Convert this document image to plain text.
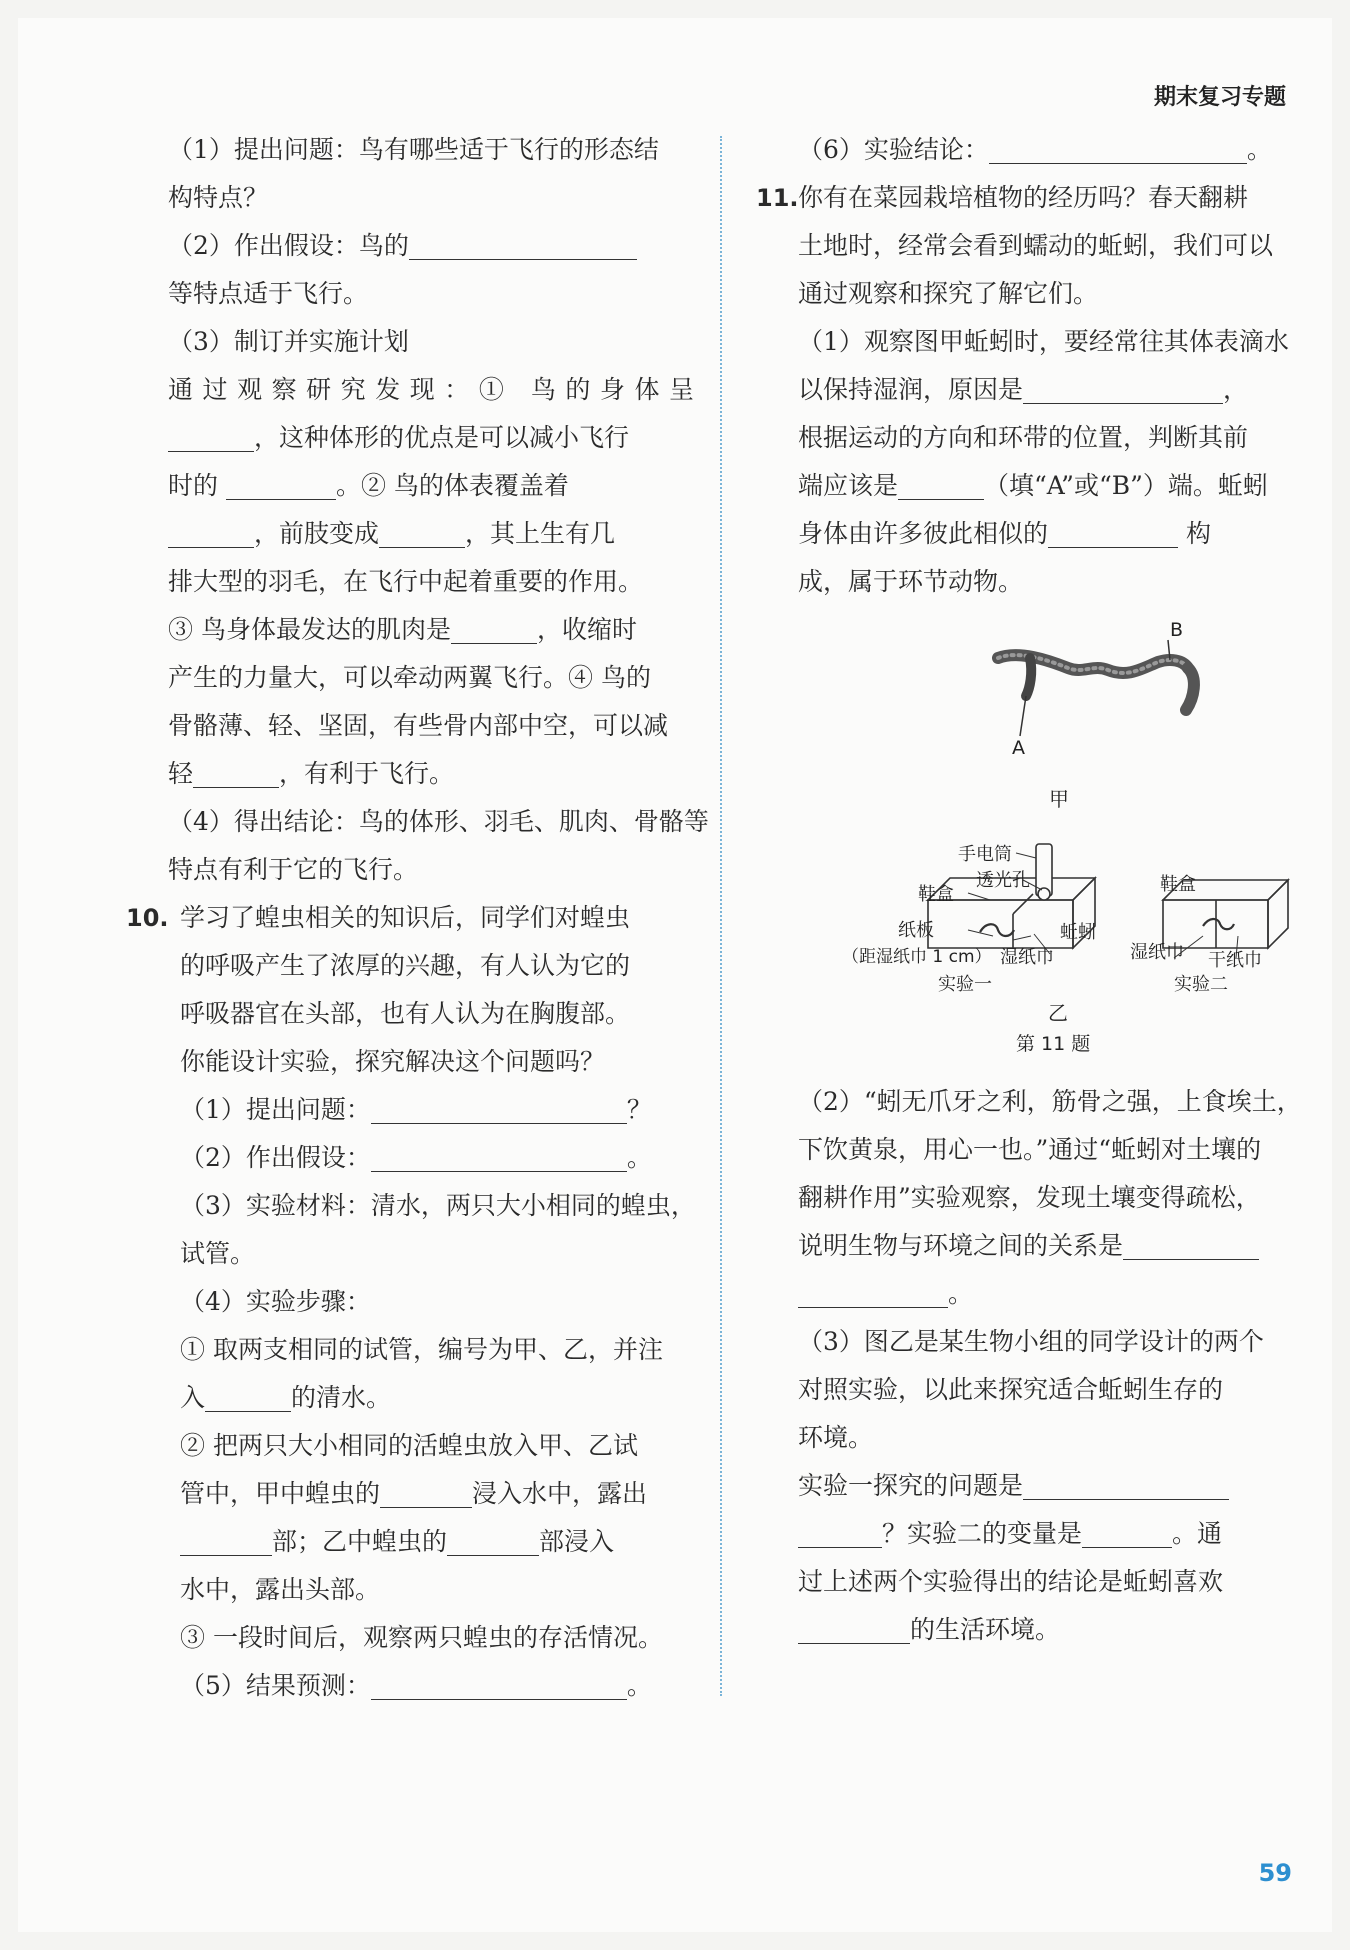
期末复习专题
（1）提出问题：鸟有哪些适于飞行的形态结
构特点？
（2）作出假设：鸟的
等特点适于飞行。
（3）制订并实施计划
通过观察研究发现：① 鸟的身体呈
，这种体形的优点是可以减小飞行
时的	。② 鸟的体表覆盖着
，前肢变成	，其上生有几
排大型的羽毛，在飞行中起着重要的作用。
③ 鸟身体最发达的肌肉是	，收缩时
产生的力量大，可以牵动两翼飞行。④ 鸟的
骨骼薄、轻、坚固，有些骨内部中空，可以减
轻	，有利于飞行。
（4）得出结论：鸟的体形、羽毛、肌肉、骨骼等
特点有利于它的飞行。
10. 学习了蝗虫相关的知识后，同学们对蝗虫
的呼吸产生了浓厚的兴趣，有人认为它的
呼吸器官在头部，也有人认为在胸腹部。
你能设计实验，探究解决这个问题吗？
（1）提出问题：	？
（2）作出假设：	。
（3）实验材料：清水，两只大小相同的蝗虫，
试管。
（4）实验步骤：
① 取两支相同的试管，编号为甲、乙，并注
入	的清水。
② 把两只大小相同的活蝗虫放入甲、乙试
管中，甲中蝗虫的	浸入水中，露出
部；乙中蝗虫的	部浸入
水中，露出头部。
③ 一段时间后，观察两只蝗虫的存活情况。
（5）结果预测：	。
（6）实验结论：	。
11. 你有在菜园栽培植物的经历吗？春天翻耕
土地时，经常会看到蠕动的蚯蚓，我们可以
通过观察和探究了解它们。
（1）观察图甲蚯蚓时，要经常往其体表滴水
以保持湿润，原因是	，
根据运动的方向和环带的位置，判断其前
端应该是	（填“A”或“B”）端。蚯蚓
身体由许多彼此相似的	构
成，属于环节动物。
（2）“蚓无爪牙之利，筋骨之强，上食埃土，
下饮黄泉，用心一也。”通过“蚯蚓对土壤的
翻耕作用”实验观察，发现土壤变得疏松，
说明生物与环境之间的关系是
。
（3）图乙是某生物小组的同学设计的两个
对照实验，以此来探究适合蚯蚓生存的
环境。
实验一探究的问题是
？实验二的变量是	。通
过上述两个实验得出的结论是蚯蚓喜欢
的生活环境。
A
B
甲
手电筒
透光孔
鞋盒	鞋盒
纸板	蚯蚓
（距湿纸巾 1 cm） 湿纸巾	湿纸巾 干纸巾
实验一	实验二
乙
第 11 题
59
